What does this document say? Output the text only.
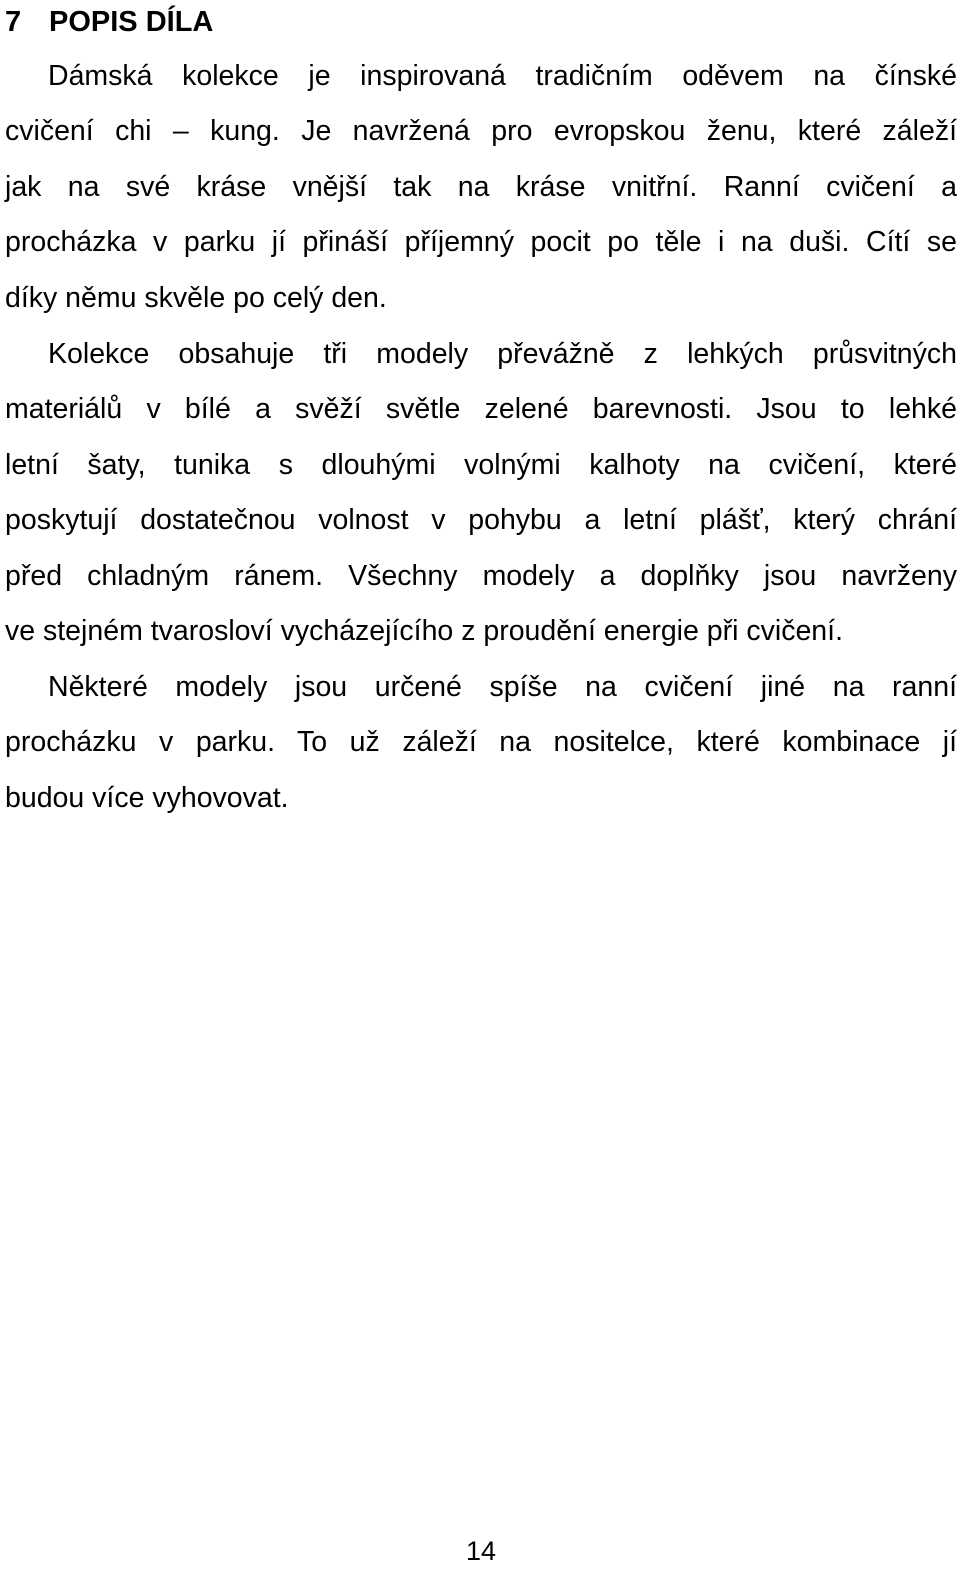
7 POPIS DÍLA
Dámská kolekce je inspirovaná tradičním oděvem na čínské
cvičení chi – kung. Je navržená pro evropskou ženu, které záleží
jak na své kráse vnější tak na kráse vnitřní. Ranní cvičení a
procházka v parku jí přináší příjemný pocit po těle i na duši. Cítí se
díky němu skvěle po celý den.
Kolekce obsahuje tři modely převážně z lehkých průsvitných
materiálů v bílé a svěží světle zelené barevnosti. Jsou to lehké
letní šaty, tunika s dlouhými volnými kalhoty na cvičení, které
poskytují dostatečnou volnost v pohybu a letní plášť, který chrání
před chladným ránem. Všechny modely a doplňky jsou navrženy
ve stejném tvarosloví vycházejícího z proudění energie při cvičení.
Některé modely jsou určené spíše na cvičení jiné na ranní
procházku v parku. To už záleží na nositelce, které kombinace jí
budou více vyhovovat.
14
